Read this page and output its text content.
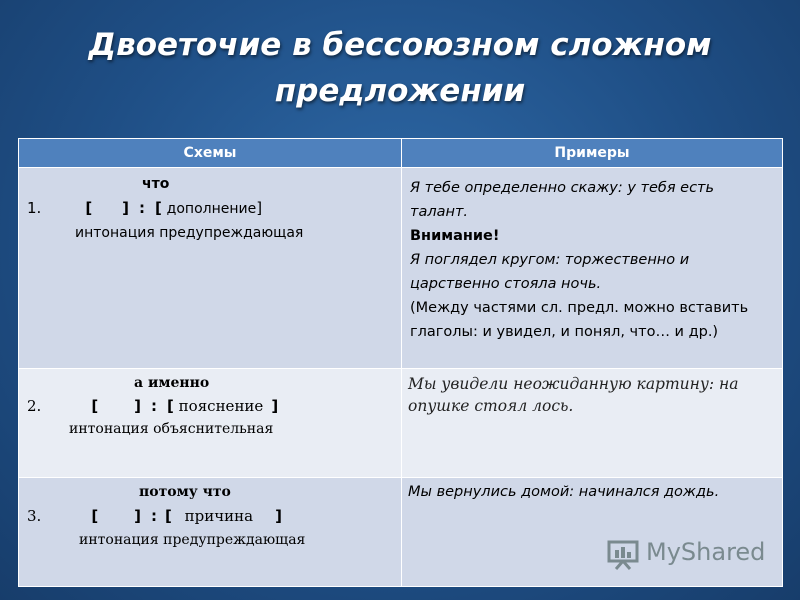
Двоеточие в бессоюзном сложном
предложении
Схемы	Примеры

что
1. [ ] : [ дополнение]
интонация предупреждающая	Я тебе определенно скажу: у тебя есть талант.
Внимание!
Я поглядел кругом: торжественно и царственно стояла ночь.
(Между частями сл. предл. можно вставить глаголы: и увидел, и понял, что… и др.)

а именно
2. [ ] : [ пояснение ]
интонация объяснительная	Мы увидели неожиданную картину: на опушке стоял лось.

потому что
3. [ ] : [ причина ]
интонация предупреждающая	Мы вернулись домой: начинался дождь.
MyShared
